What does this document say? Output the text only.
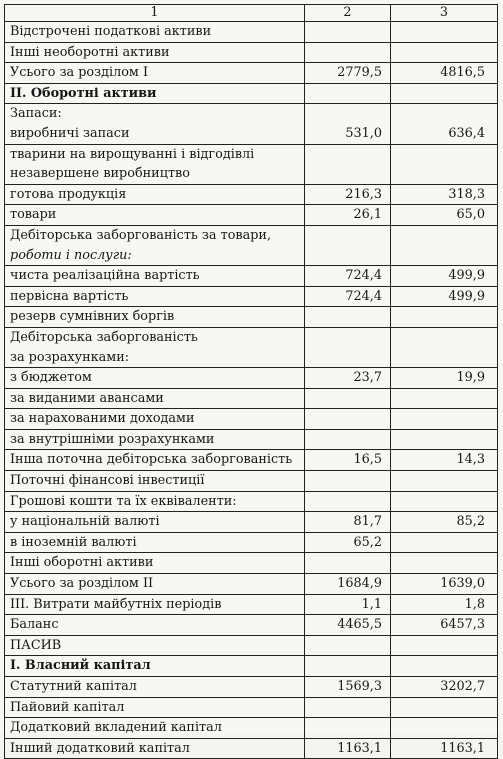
1	2	3
Відстрочені податкові активи		
Інші необоротні активи		
Усього за розділом I	2779,5	4816,5
II. Оборотні активи		
Запаси:		
виробничі запаси	531,0	636,4
тварини на вирощуванні і відгодівлі		
незавершене виробництво		
готова продукція	216,3	318,3
товари	26,1	65,0
Дебіторська заборгованість за товари,		
роботи і послуги:		
чиста реалізаційна вартість	724,4	499,9
первісна вартість	724,4	499,9
резерв сумнівних боргів		
Дебіторська заборгованість		
за розрахунками:		
з бюджетом	23,7	19,9
за виданими авансами		
за нарахованими доходами		
за внутрішніми розрахунками		
Інша поточна дебіторська заборгованість	16,5	14,3
Поточні фінансові інвестиції		
Грошові кошти та їх еквіваленти:		
у національній валюті	81,7	85,2
в іноземній валюті	65,2	
Інші оборотні активи		
Усього за розділом II	1684,9	1639,0
III. Витрати майбутніх періодів	1,1	1,8
Баланс	4465,5	6457,3
ПАСИВ		
I. Власний капітал		
Статутний капітал	1569,3	3202,7
Пайовий капітал		
Додатковий вкладений капітал		
Інший додатковий капітал	1163,1	1163,1
